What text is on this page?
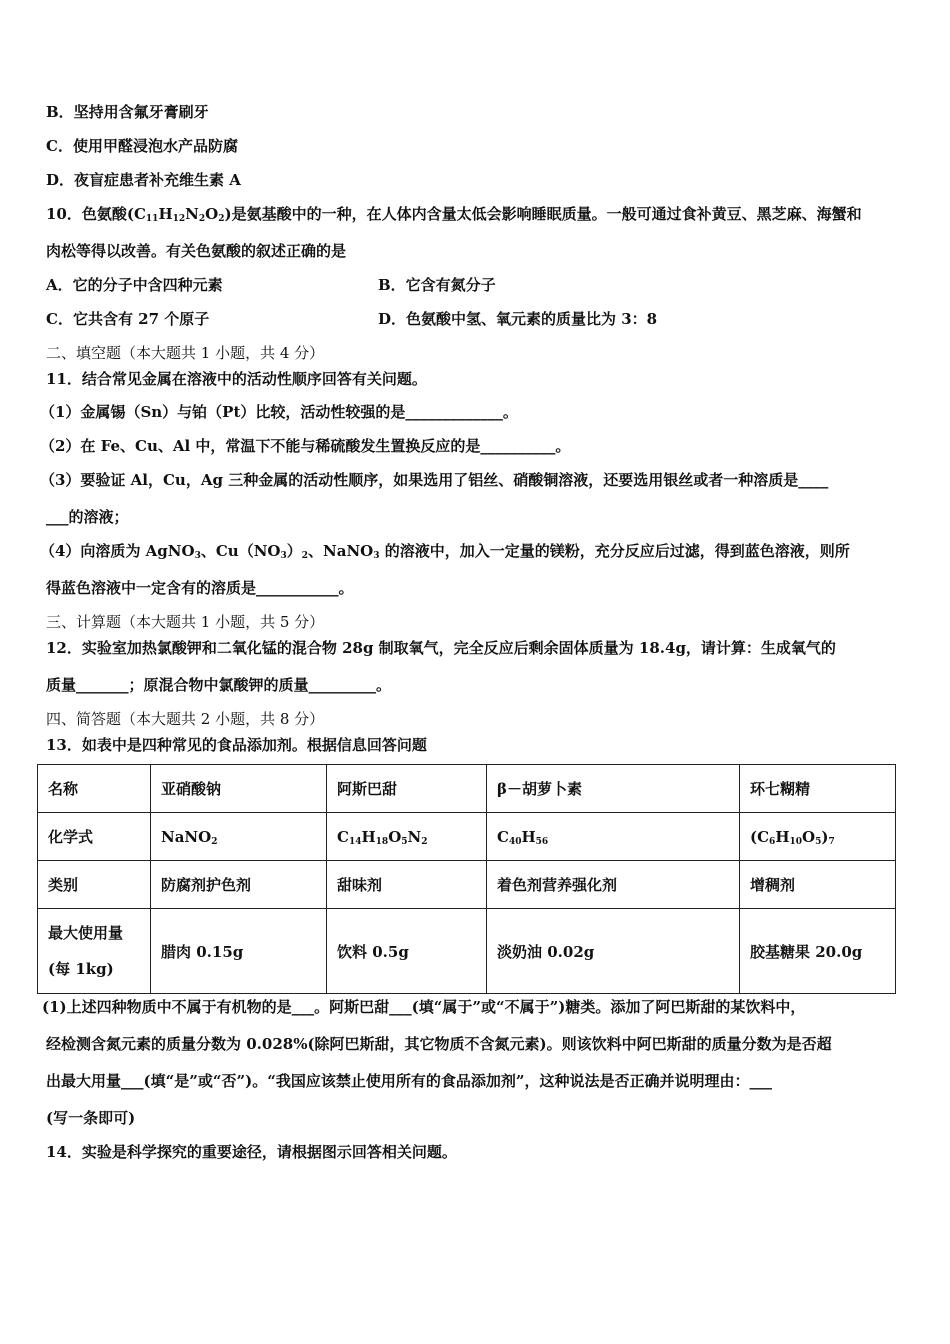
B．坚持用含氟牙膏刷牙
C．使用甲醛浸泡水产品防腐
D．夜盲症患者补充维生素 A
10．色氨酸$(C_{11}H_{12}N_2O_2)$是氨基酸中的一种，在人体内含量太低会影响睡眠质量。一般可通过食补黄豆、黑芝麻、海蟹和
肉松等得以改善。有关色氨酸的叙述正确的是
A．它的分子中含四种元素	B．它含有氮分子
C．它共含有 27 个原子	D．色氨酸中氢、氧元素的质量比为 3：8
二、填空题（本大题共 1 小题，共 4 分）
11．结合常见金属在溶液中的活动性顺序回答有关问题。
（1）金属锡（Sn）与铂（Pt）比较，活动性较强的是_____________。
（2）在 Fe、Cu、Al 中，常温下不能与稀硫酸发生置换反应的是__________。
（3）要验证 Al，Cu，Ag 三种金属的活动性顺序，如果选用了铝丝、硝酸铜溶液，还要选用银丝或者一种溶质是____
___的溶液；
（4）向溶质为 AgNO$_3$、$Cu(NO_3)_2$、NaNO$_3$ 的溶液中，加入一定量的镁粉，充分反应后过滤，得到蓝色溶液，则所
得蓝色溶液中一定含有的溶质是___________。
三、计算题（本大题共 1 小题，共 5 分）
12．实验室加热氯酸钾和二氧化锰的混合物 28g 制取氧气，完全反应后剩余固体质量为 18.4g，请计算：生成氧气的
质量_______；原混合物中氯酸钾的质量_________。
四、简答题（本大题共 2 小题，共 8 分）
13．如表中是四种常见的食品添加剂。根据信息回答问题
名称	亚硝酸钠	阿斯巴甜	β－胡萝卜素	环七糊精
化学式	NaNO$_2$	$C_{14}H_{18}O_5N_2$	$C_{40}H_{56}$	$(C_6H_{10}O_5)_7$
类别	防腐剂护色剂	甜味剂	着色剂营养强化剂	增稠剂

最大使用量
(每 1kg)	腊肉 0.15g	饮料 0.5g	淡奶油 0.02g	胶基糖果 20.0g
(1)上述四种物质中不属于有机物的是___。阿斯巴甜___(填“属于”或“不属于”)糖类。添加了阿巴斯甜的某饮料中，
经检测含氮元素的质量分数为 0.028%(除阿巴斯甜，其它物质不含氮元素)。则该饮料中阿巴斯甜的质量分数为是否超
出最大用量___(填“是”或“否”)。“我国应该禁止使用所有的食品添加剂”，这种说法是否正确并说明理由：___
(写一条即可)
14．实验是科学探究的重要途径，请根据图示回答相关问题。
